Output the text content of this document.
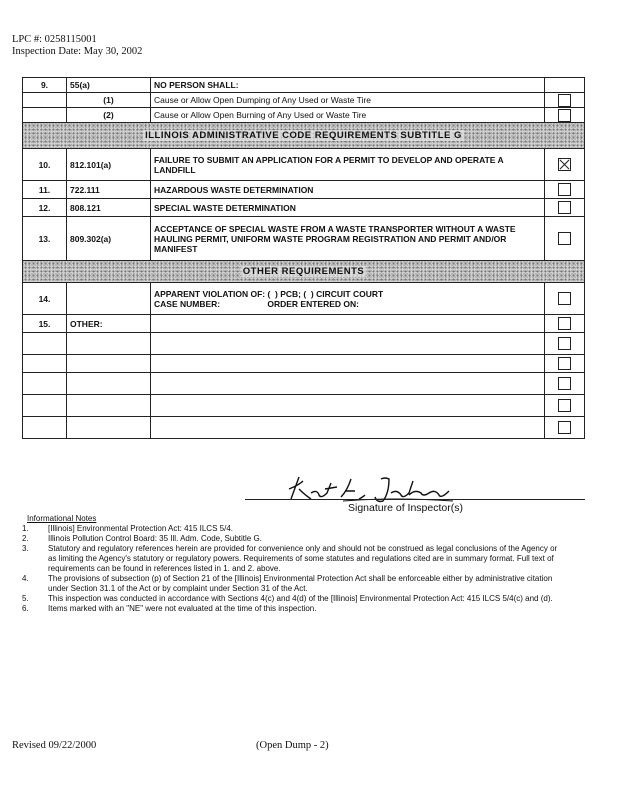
LPC #: 0258115001
Inspection Date: May 30, 2002
9.	55(a)	NO PERSON SHALL:	
	(1)	Cause or Allow Open Dumping of Any Used or Waste Tire	
	(2)	Cause or Allow Open Burning of Any Used or Waste Tire	
ILLINOIS ADMINISTRATIVE CODE REQUIREMENTS SUBTITLE G			
10.	812.101(a)	FAILURE TO SUBMIT AN APPLICATION FOR A PERMIT TO DEVELOP AND OPERATE A LANDFILL	
11.	722.111	HAZARDOUS WASTE DETERMINATION	
12.	808.121	SPECIAL WASTE DETERMINATION	
13.	809.302(a)	ACCEPTANCE OF SPECIAL WASTE FROM A WASTE TRANSPORTER WITHOUT A WASTE HAULING PERMIT, UNIFORM WASTE PROGRAM REGISTRATION AND PERMIT AND/OR MANIFEST	
OTHER REQUIREMENTS			
14.		APPARENT VIOLATION OF: (  ) PCB; (  ) CIRCUIT COURT
CASE NUMBER:                    ORDER ENTERED ON:	
15.	OTHER:		

Signature of Inspector(s)
Informational Notes
1.	[Illinois] Environmental Protection Act: 415 ILCS 5/4.
2.	Illinois Pollution Control Board: 35 Ill. Adm. Code, Subtitle G.
3.	Statutory and regulatory references herein are provided for convenience only and should not be construed as legal conclusions of the Agency or as limiting the Agency's statutory or regulatory powers. Requirements of some statutes and regulations cited are in summary format. Full text of requirements can be found in references listed in 1. and 2. above.
4.	The provisions of subsection (p) of Section 21 of the [Illinois] Environmental Protection Act shall be enforceable either by administrative citation under Section 31.1 of the Act or by complaint under Section 31 of the Act.
5.	This inspection was conducted in accordance with Sections 4(c) and 4(d) of the [Illinois] Environmental Protection Act: 415 ILCS 5/4(c) and (d).
6.	Items marked with an "NE" were not evaluated at the time of this inspection.
Revised 09/22/2000	(Open Dump - 2)
